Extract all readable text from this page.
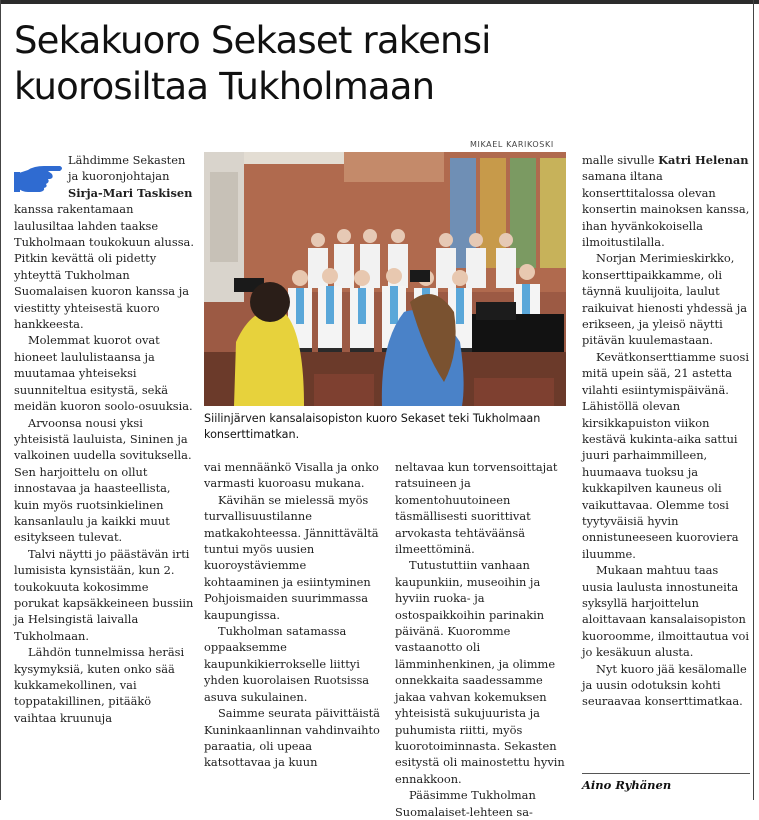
Sekakuoro Sekaset rakensi
kuorosiltaa Tukholmaan
MIKAEL KARIKOSKI

Siilinjärven kansalaisopiston kuoro Sekaset teki Tukholmaan konserttimatkan.

Lähdimme Sekasten ja kuoronjohtajan Sirja-Mari Taskisen kanssa rakentamaan laulusiltaa lahden taakse Tukholmaan toukokuun alussa. Pitkin kevättä oli pidetty yhteyttä Tukholman Suomalaisen kuoron kanssa ja viestitty yhteisestä kuoro hankkeesta.

Molemmat kuorot ovat hioneet laululistaansa ja muutamaa yhteiseksi suunniteltua esitystä, sekä meidän kuoron soolo-osuuksia.

Arvoonsa nousi yksi yhteisistä lauluista, Sininen ja valkoinen uudella sovituksella. Sen harjoittelu on ollut innostavaa ja haasteellista, kuin myös ruotsinkielinen kansanlaulu ja kaikki muut esitykseen tulevat.

Talvi näytti jo päästävän irti lumisista kynsistään, kun 2. toukokuuta kokosimme porukat kapsäkkeineen bussiin ja Helsingistä laivalla Tukholmaan.

Lähdön tunnelmissa heräsi kysymyksiä, kuten onko sää kukkamekollinen, vai toppatakillinen, pitääkö vaihtaa kruunuja

vai mennäänkö Visalla ja onko varmasti kuoroasu mukana.

Kävihän se mielessä myös turvallisuustilanne matkakohteessa. Jännittävältä tuntui myös uusien kuoroystäviemme kohtaaminen ja esiintyminen Pohjoismaiden suurimmassa kaupungissa.

Tukholman satamassa oppaaksemme kaupunkikierrokselle liittyi yhden kuorolaisen Ruotsissa asuva sukulainen.

Saimme seurata päivittäistä Kuninkaanlinnan vahdinvaihto paraatia, oli upeaa katsottavaa ja kuun

neltavaa kun torvensoittajat ratsuineen ja komentohuutoineen täsmällisesti suorittivat arvokasta tehtäväänsä ilmeettöminä.

Tutustuttiin vanhaan kaupunkiin, museoihin ja hyviin ruoka- ja ostospaikkoihin parinakin päivänä. Kuoromme vastaanotto oli lämminhenkinen, ja olimme onnekkaita saadessamme jakaa vahvan kokemuksen yhteisistä sukujuurista ja puhumista riitti, myös kuorotoiminnasta. Sekasten esitystä oli mainostettu hyvin ennakkoon.

Pääsimme Tukholman Suomalaiset-lehteen sa-

malle sivulle Katri Helenan samana iltana konserttitalossa olevan konsertin mainoksen kanssa, ihan hyvänkokoisella ilmoitustilalla.

Norjan Merimieskirkko, konserttipaikkamme, oli täynnä kuulijoita, laulut raikuivat hienosti yhdessä ja erikseen, ja yleisö näytti pitävän kuulemastaan.

Kevätkonserttiamme suosi mitä upein sää, 21 astetta vilahti esiintymispäivänä. Lähistöllä olevan kirsikkapuiston viikon kestävä kukinta-aika sattui juuri parhaimmilleen, huumaava tuoksu ja kukkapilven kauneus oli vaikuttavaa. Olemme tosi tyytyväisiä hyvin onnistuneeseen kuoroviera​iluumme.

Mukaan mahtuu taas uusia laulusta innostuneita syksyllä harjoittelun aloittavaan kansalaisopiston kuoroomme, ilmoittautua voi jo kesäkuun alusta.

Nyt kuoro jää kesälomalle ja uusin odotuksin kohti seuraavaa konserttimatkaa.

Aino Ryhänen
